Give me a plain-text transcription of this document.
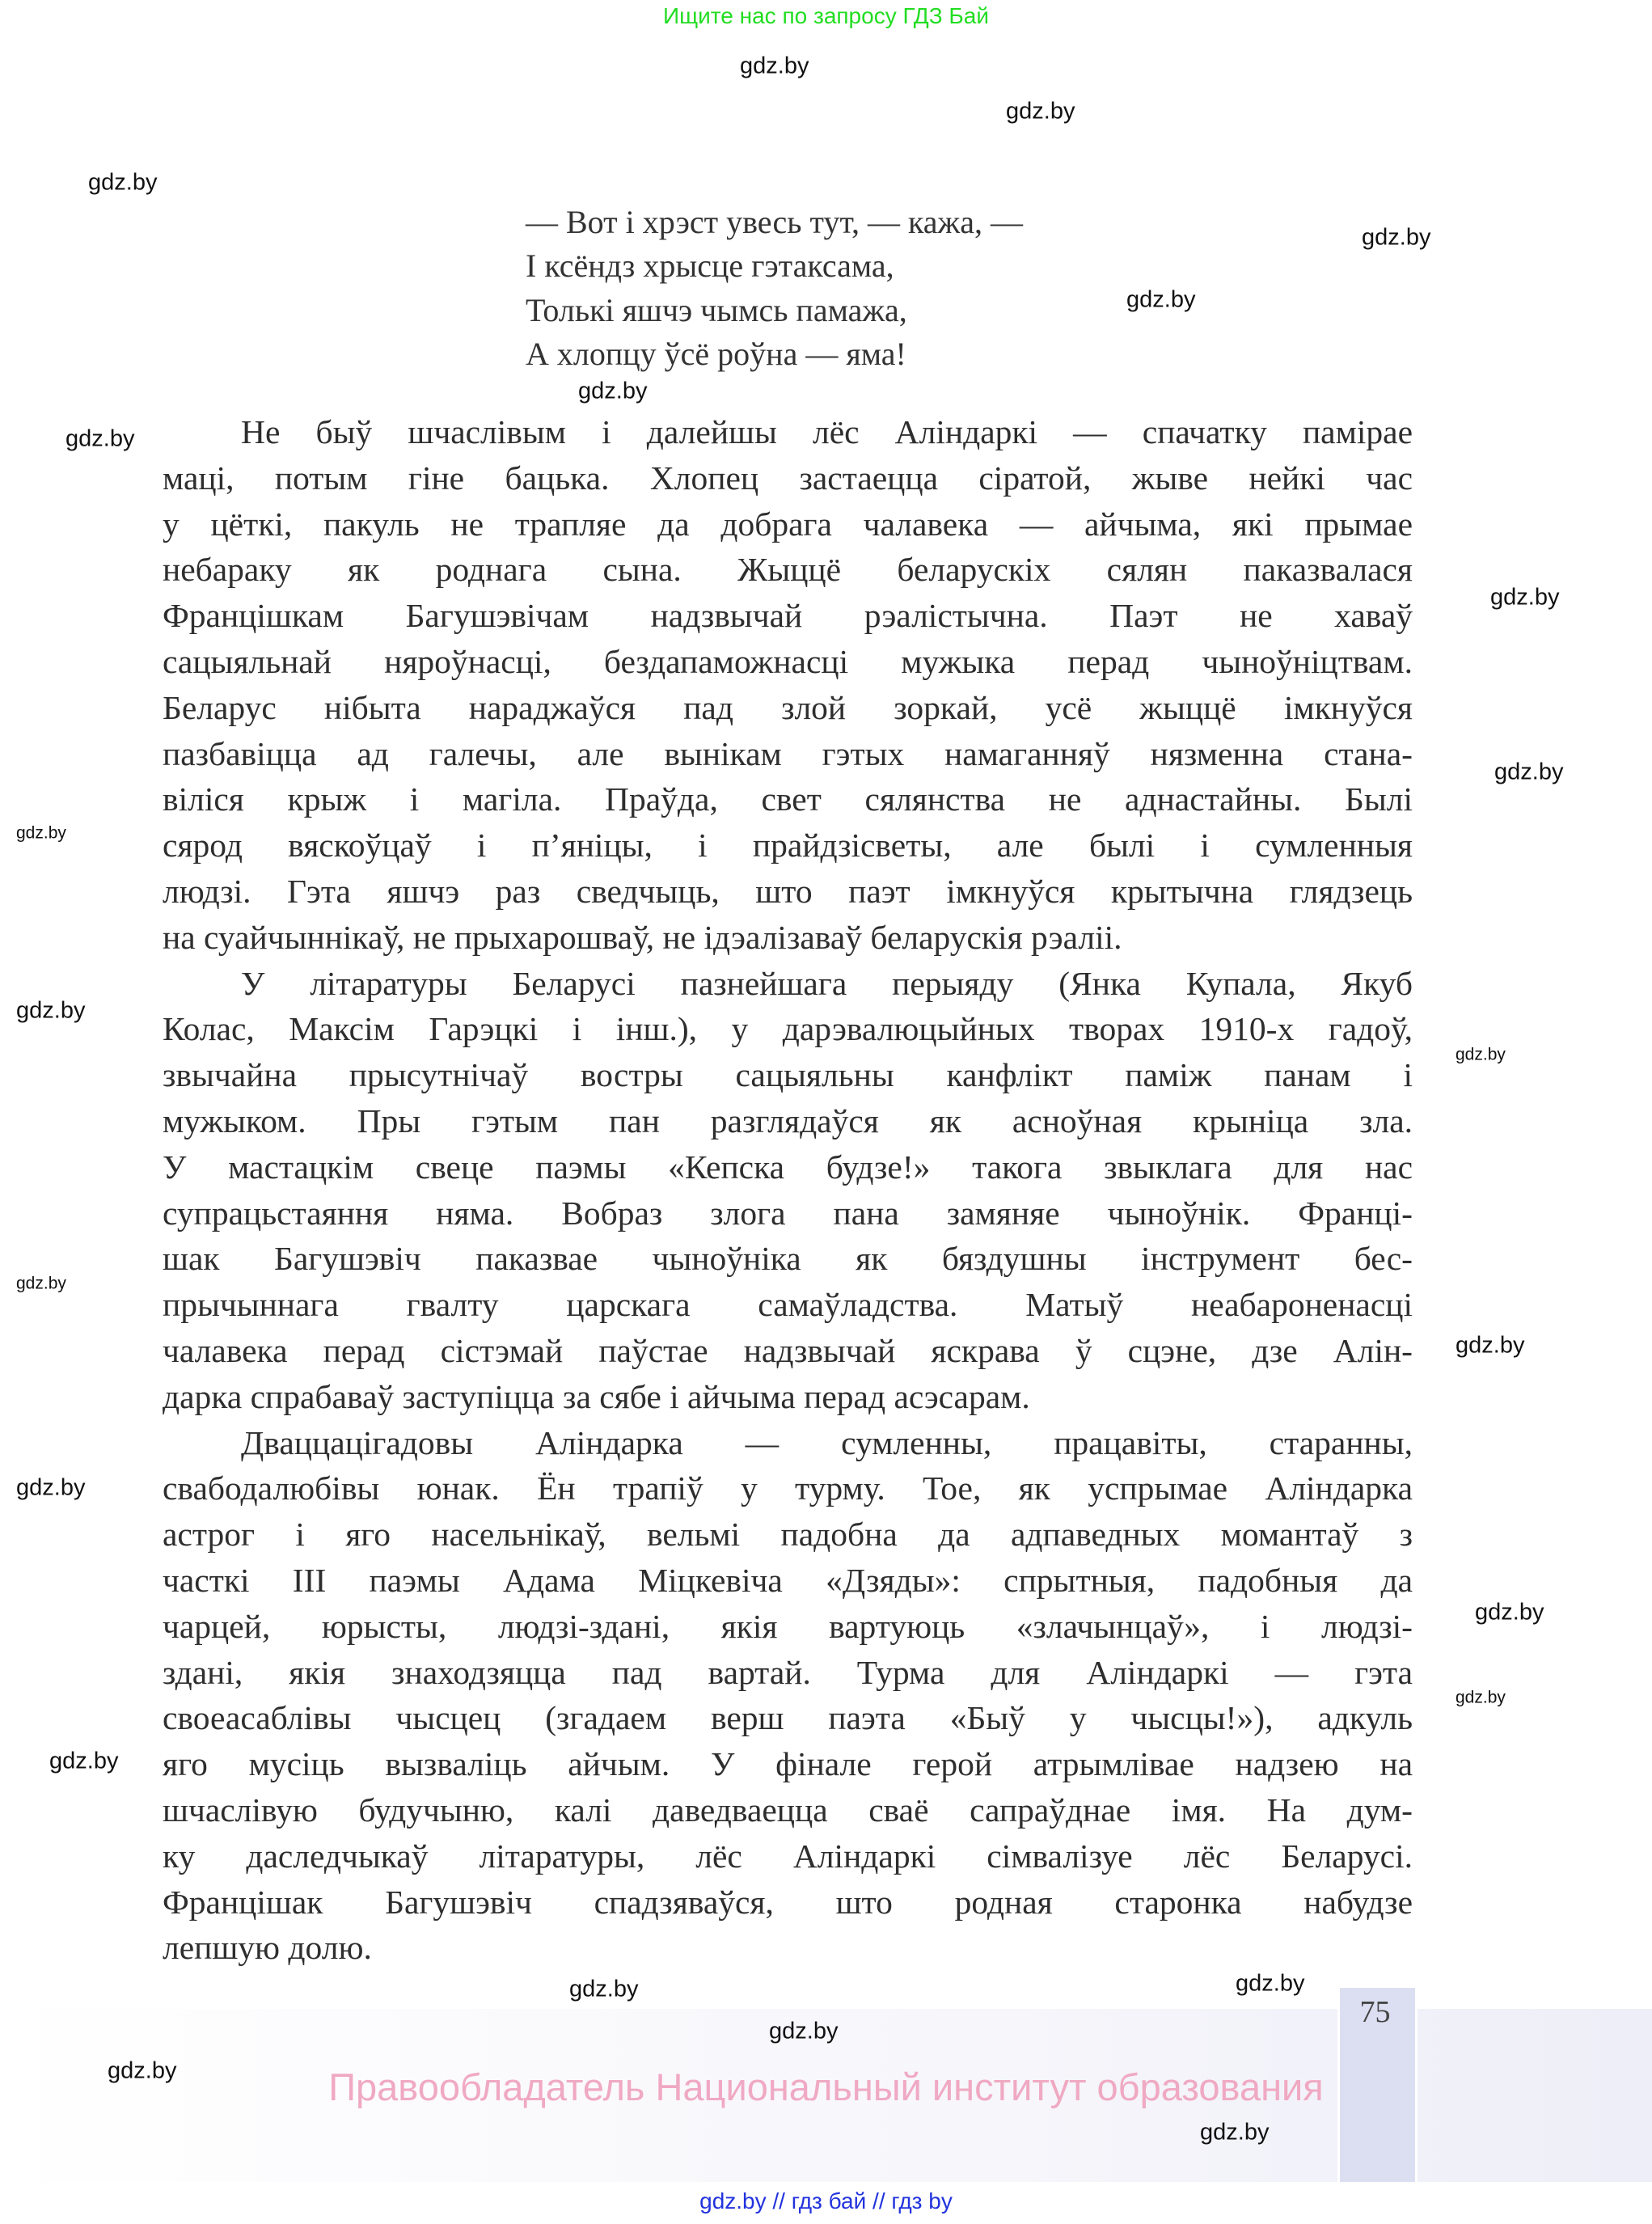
Ищите нас по запросу ГДЗ Бай
— Вот і хрэст увесь тут, — кажа, —
І ксёндз хрысце гэтаксама,
Толькі яшчэ чымсь памажа,
А хлопцу ўсё роўна — яма!
Не быў шчаслівым і далейшы лёс Аліндаркі — спачатку памірае
маці, потым гіне бацька. Хлопец застаецца сіратой, жыве нейкі час
у цёткі, пакуль не трапляе да добрага чалавека — айчыма, які прымае
небараку як роднага сына. Жыццё беларускіх сялян паказвалася
Францішкам Багушэвічам надзвычай рэалістычна. Паэт не хаваў
сацыяльнай няроўнасці, бездапаможнасці мужыка перад чыноўніцтвам.
Беларус нібыта нараджаўся пад злой зоркай, усё жыццё імкнуўся
пазбавіцца ад галечы, але вынікам гэтых намаганняў нязменна стана-
віліся крыж і магіла. Праўда, свет сялянства не аднастайны. Былі
сярод вяскоўцаў і п’яніцы, і прайдзісветы, але былі і сумленныя
людзі. Гэта яшчэ раз сведчыць, што паэт імкнуўся крытычна глядзець
на суайчыннікаў, не прыхарошваў, не ідэалізаваў беларускія рэаліі.
У літаратуры Беларусі пазнейшага перыяду (Янка Купала, Якуб
Колас, Максім Гарэцкі і інш.), у дарэвалюцыйных творах 1910-х гадоў,
звычайна прысутнічаў востры сацыяльны канфлікт паміж панам і
мужыком. Пры гэтым пан разглядаўся як асноўная крыніца зла.
У мастацкім свеце паэмы «Кепска будзе!» такога звыклага для нас
супрацьстаяння няма. Вобраз злога пана замяняе чыноўнік. Францi-
шак Багушэвіч паказвае чыноўніка як бяздушны інструмент бес-
прычыннага гвалту царскага самаўладства. Матыў неабароненасці
чалавека перад сістэмай паўстае надзвычай яскрава ў сцэне, дзе Алін-
дарка спрабаваў заступіцца за сябе і айчыма перад асэсарам.
Дваццацігадовы Аліндарка — сумленны, працавіты, старанны,
свабодалюбівы юнак. Ён трапіў у турму. Тое, як успрымае Аліндарка
астрог і яго насельнікаў, вельмі падобна да адпаведных момантаў з
часткі III паэмы Адама Міцкевіча «Дзяды»: спрытныя, падобныя да
чарцей, юрысты, людзі-здані, якія вартуюць «злачынцаў», і людзі-
здані, якія знаходзяцца пад вартай. Турма для Аліндаркі — гэта
своеасаблівы чысцец (згадаем верш паэта «Быў у чысцы!»), адкуль
яго мусіць вызваліць айчым. У фінале герой атрымлівае надзею на
шчаслівую будучыню, калі даведваецца сваё сапраўднае імя. На дум-
ку даследчыкаў літаратуры, лёс Аліндаркі сімвалізуе лёс Беларусі.
Францішак Багушэвіч спадзяваўся, што родная старонка набудзе
лепшую долю.
75
Правообладатель Национальный институт образования
gdz.by // гдз бай // гдз by
gdz.by
gdz.by
gdz.by
gdz.by
gdz.by
gdz.by
gdz.by
gdz.by
gdz.by
gdz.by
gdz.by
gdz.by
gdz.by
gdz.by
gdz.by
gdz.by
gdz.by
gdz.by
gdz.by	gdz.by
gdz.by
gdz.by
gdz.by
